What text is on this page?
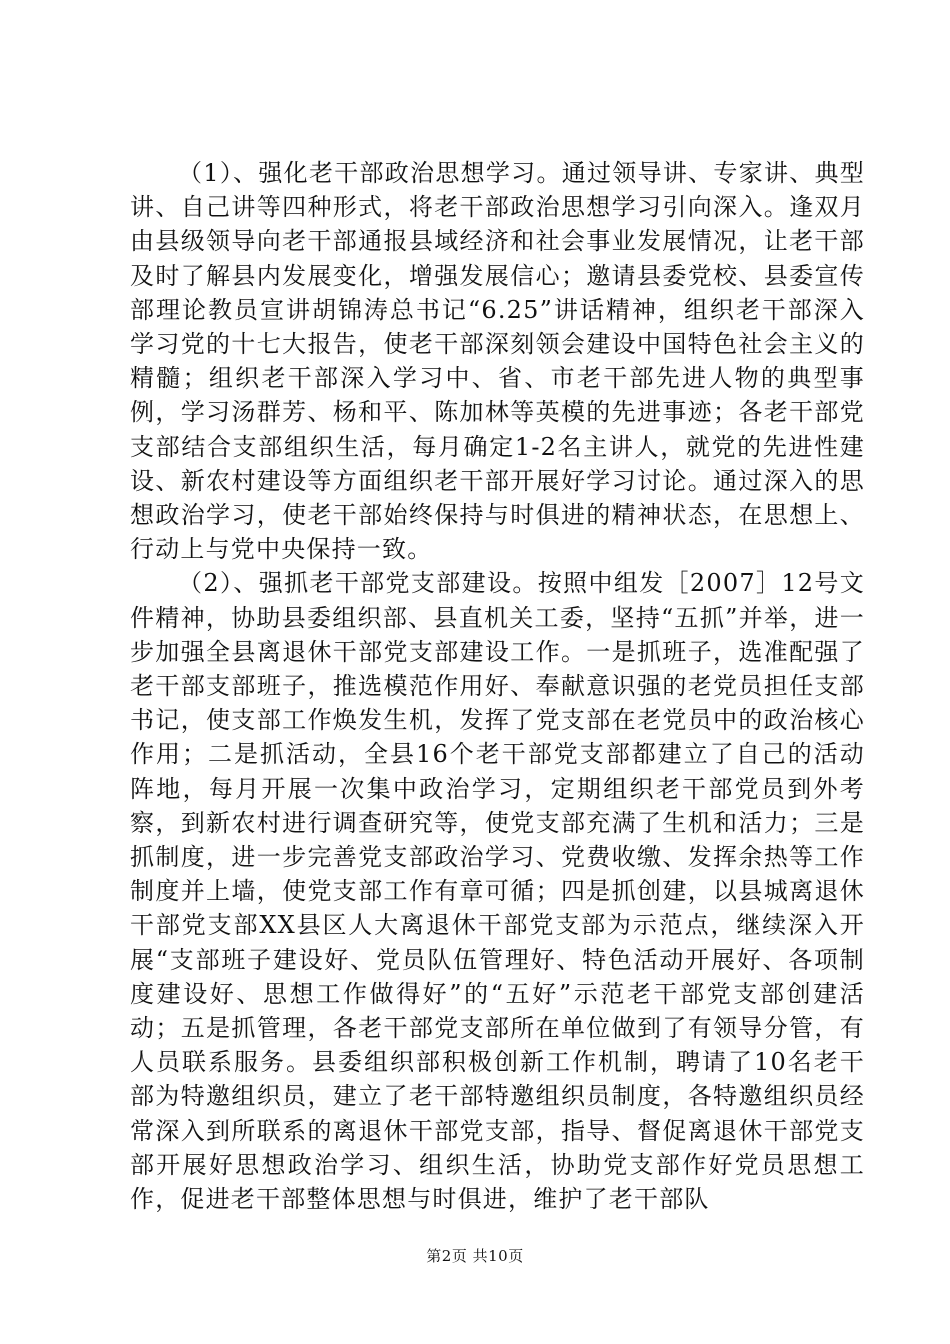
（1）、强化老干部政治思想学习。通过领导讲、专家讲、典型讲、自己讲等四种形式，将老干部政治思想学习引向深入。逢双月由县级领导向老干部通报县域经济和社会事业发展情况，让老干部及时了解县内发展变化，增强发展信心；邀请县委党校、县委宣传部理论教员宣讲胡锦涛总书记“6.25”讲话精神，组织老干部深入学习党的十七大报告，使老干部深刻领会建设中国特色社会主义的精髓；组织老干部深入学习中、省、市老干部先进人物的典型事例，学习汤群芳、杨和平、陈加林等英模的先进事迹；各老干部党支部结合支部组织生活，每月确定1-2名主讲人，就党的先进性建设、新农村建设等方面组织老干部开展好学习讨论。通过深入的思想政治学习，使老干部始终保持与时俱进的精神状态，在思想上、行动上与党中央保持一致。

（2）、强抓老干部党支部建设。按照中组发［2007］12号文件精神，协助县委组织部、县直机关工委，坚持“五抓”并举，进一步加强全县离退休干部党支部建设工作。一是抓班子，选准配强了老干部支部班子，推选模范作用好、奉献意识强的老党员担任支部书记，使支部工作焕发生机，发挥了党支部在老党员中的政治核心作用；二是抓活动，全县16个老干部党支部都建立了自己的活动阵地，每月开展一次集中政治学习，定期组织老干部党员到外考察，到新农村进行调查研究等，使党支部充满了生机和活力；三是抓制度，进一步完善党支部政治学习、党费收缴、发挥余热等工作制度并上墙，使党支部工作有章可循；四是抓创建，以县城离退休干部党支部XX县区人大离退休干部党支部为示范点，继续深入开展“支部班子建设好、党员队伍管理好、特色活动开展好、各项制度建设好、思想工作做得好”的“五好”示范老干部党支部创建活动；五是抓管理，各老干部党支部所在单位做到了有领导分管，有人员联系服务。县委组织部积极创新工作机制，聘请了10名老干部为特邀组织员，建立了老干部特邀组织员制度，各特邀组织员经常深入到所联系的离退休干部党支部，指导、督促离退休干部党支部开展好思想政治学习、组织生活，协助党支部作好党员思想工作，促进老干部整体思想与时俱进，维护了老干部队

第2页 共10页
